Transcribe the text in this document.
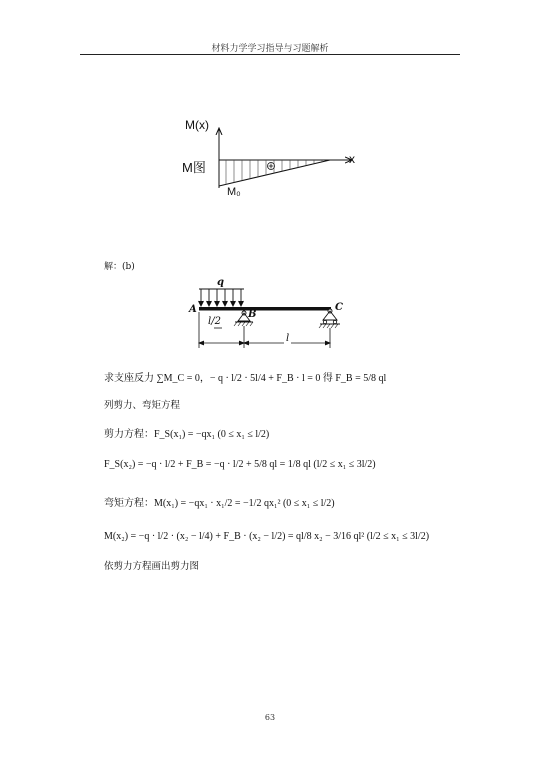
材料力学学习指导与习题解析
M(x)
x
M图
M₀
解：(b)
q
A	B
C
l/2
l
求支座反力 ∑M_C = 0，− q · l/2 · 5l/4 + F_B · l = 0 得 F_B = 5/8 ql
列剪力、弯矩方程
剪力方程：F_S(x₁) = −qx₁ (0 ≤ x₁ ≤ l/2)
F_S(x₂) = −q · l/2 + F_B = −q · l/2 + 5/8 ql = 1/8 ql (l/2 ≤ x₁ ≤ 3l/2)
弯矩方程：M(x₁) = −qx₁ · x₁/2 = −1/2 qx₁² (0 ≤ x₁ ≤ l/2)
M(x₂) = −q · l/2 · (x₂ − l/4) + F_B · (x₂ − l/2) = ql/8 x₂ − 3/16 ql² (l/2 ≤ x₁ ≤ 3l/2)
依剪力方程画出剪力图
63
